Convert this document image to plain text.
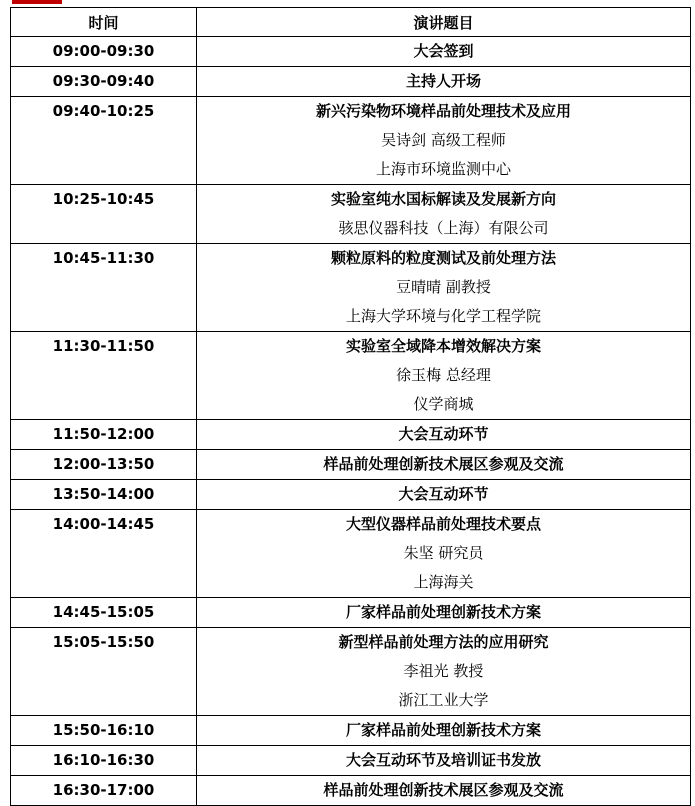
时间	演讲题目

09:00-09:30	大会签到

09:30-09:40	主持人开场

09:40-10:25	新兴污染物环境样品前处理技术及应用
吴诗剑 高级工程师
上海市环境监测中心

10:25-10:45	实验室纯水国标解读及发展新方向
骇思仪器科技（上海）有限公司

10:45-11:30	颗粒原料的粒度测试及前处理方法
豆晴晴 副教授
上海大学环境与化学工程学院

11:30-11:50	实验室全域降本增效解决方案
徐玉梅 总经理
仪学商城

11:50-12:00	大会互动环节

12:00-13:50	样品前处理创新技术展区参观及交流

13:50-14:00	大会互动环节

14:00-14:45	大型仪器样品前处理技术要点
朱坚 研究员
上海海关

14:45-15:05	厂家样品前处理创新技术方案

15:05-15:50	新型样品前处理方法的应用研究
李祖光 教授
浙江工业大学

15:50-16:10	厂家样品前处理创新技术方案

16:10-16:30	大会互动环节及培训证书发放

16:30-17:00	样品前处理创新技术展区参观及交流
